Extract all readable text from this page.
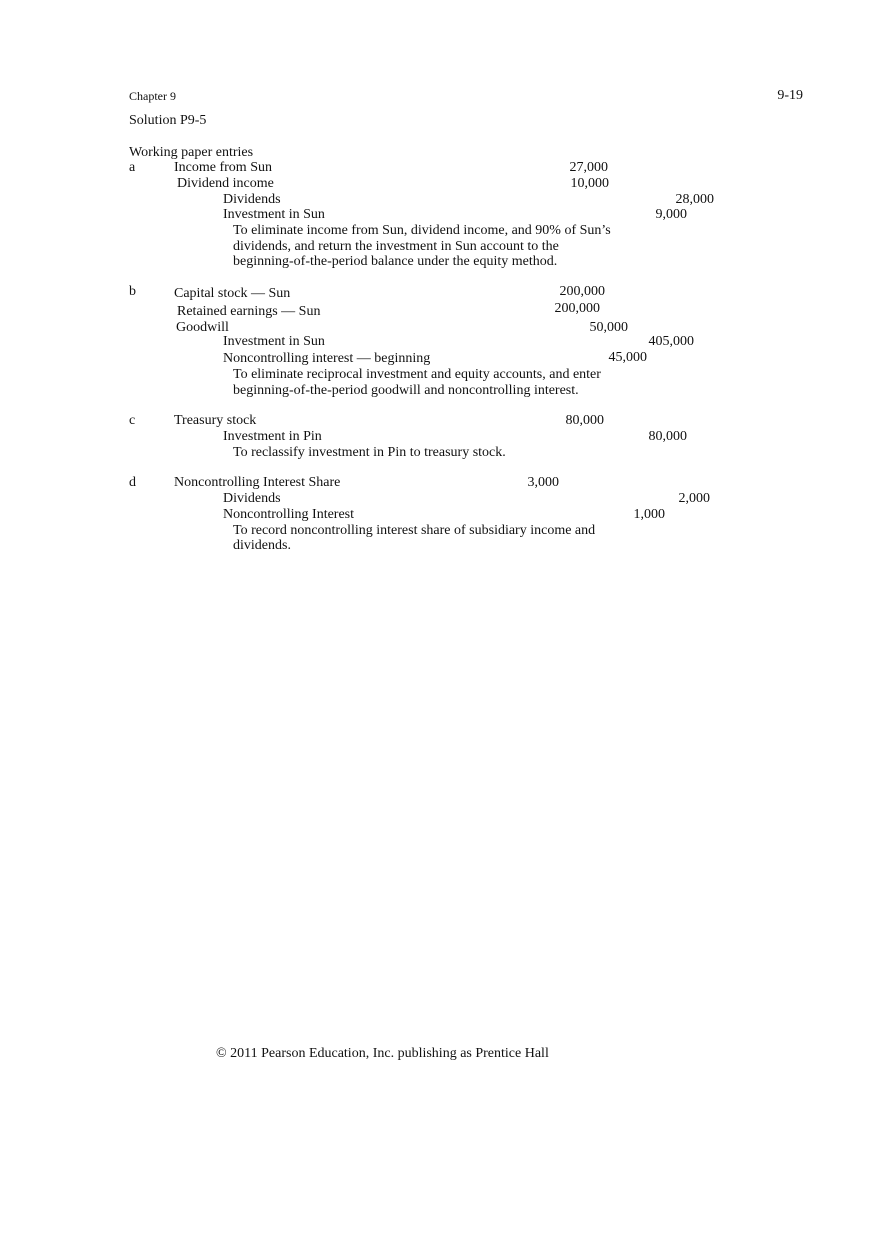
Chapter 9	9-19
Solution P9-5
Working paper entries
a	Income from Sun	27,000
Dividend income	10,000
Dividends	28,000
Investment in Sun	9,000
To eliminate income from Sun, dividend income, and 90% of Sun’s
dividends, and return the investment in Sun account to the
beginning-of-the-period balance under the equity method.
b	Capital stock — Sun	200,000
Retained earnings — Sun	200,000
Goodwill	50,000
Investment in Sun	405,000
Noncontrolling interest — beginning	45,000
To eliminate reciprocal investment and equity accounts, and enter
beginning-of-the-period goodwill and noncontrolling interest.
c	Treasury stock	80,000
Investment in Pin	80,000
To reclassify investment in Pin to treasury stock.
d	Noncontrolling Interest Share	3,000
Dividends	2,000
Noncontrolling Interest	1,000
To record noncontrolling interest share of subsidiary income and
dividends.
© 2011 Pearson Education, Inc. publishing as Prentice Hall
